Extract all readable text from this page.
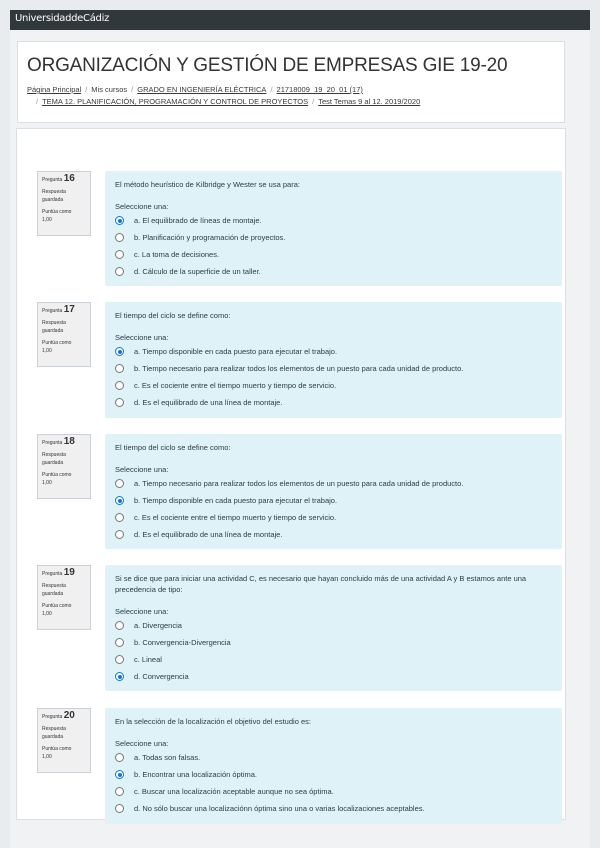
UniversidaddeCádiz
ORGANIZACIÓN Y GESTIÓN DE EMPRESAS GIE 19-20
Página Principal / Mis cursos / GRADO EN INGENIERÍA ELÉCTRICA / 21718009_19_20_01 (17)
/ TEMA 12. PLANIFICACIÓN, PROGRAMACIÓN Y CONTROL DE PROYECTOS / Test Temas 9 al 12. 2019/2020
Pregunta 16
Respuesta guardada
Puntúa como
1,00
El método heurístico de Kilbridge y Wester se usa para:
Seleccione una:
a. El equilibrado de líneas de montaje.
b. Planificación y programación de proyectos.
c. La toma de decisiones.
d. Cálculo de la superficie de un taller.
Pregunta 17
Respuesta guardada
Puntúa como
1,00
El tiempo del ciclo se define como:
Seleccione una:
a. Tiempo disponible en cada puesto para ejecutar el trabajo.
b. Tiempo necesario para realizar todos los elementos de un puesto para cada unidad de producto.
c. Es el cociente entre el tiempo muerto y tiempo de servicio.
d. Es el equilibrado de una línea de montaje.
Pregunta 18
Respuesta guardada
Puntúa como
1,00
El tiempo del ciclo se define como:
Seleccione una:
a. Tiempo necesario para realizar todos los elementos de un puesto para cada unidad de producto.
b. Tiempo disponible en cada puesto para ejecutar el trabajo.
c. Es el cociente entre el tiempo muerto y tiempo de servicio.
d. Es el equilibrado de una línea de montaje.
Pregunta 19
Respuesta guardada
Puntúa como
1,00
Si se dice que para iniciar una actividad C, es necesario que hayan concluido más de una actividad A y B estamos ante una precedencia de tipo:
Seleccione una:
a. Divergencia
b. Convergencia-Divergencia
c. Lineal
d. Convergencia
Pregunta 20
Respuesta guardada
Puntúa como
1,00
En la selección de la localización el objetivo del estudio es:
Seleccione una:
a. Todas son falsas.
b. Encontrar una localización óptima.
c. Buscar una localización aceptable aunque no sea óptima.
d. No sólo buscar una localizaciónn óptima sino una o varias localizaciones aceptables.
